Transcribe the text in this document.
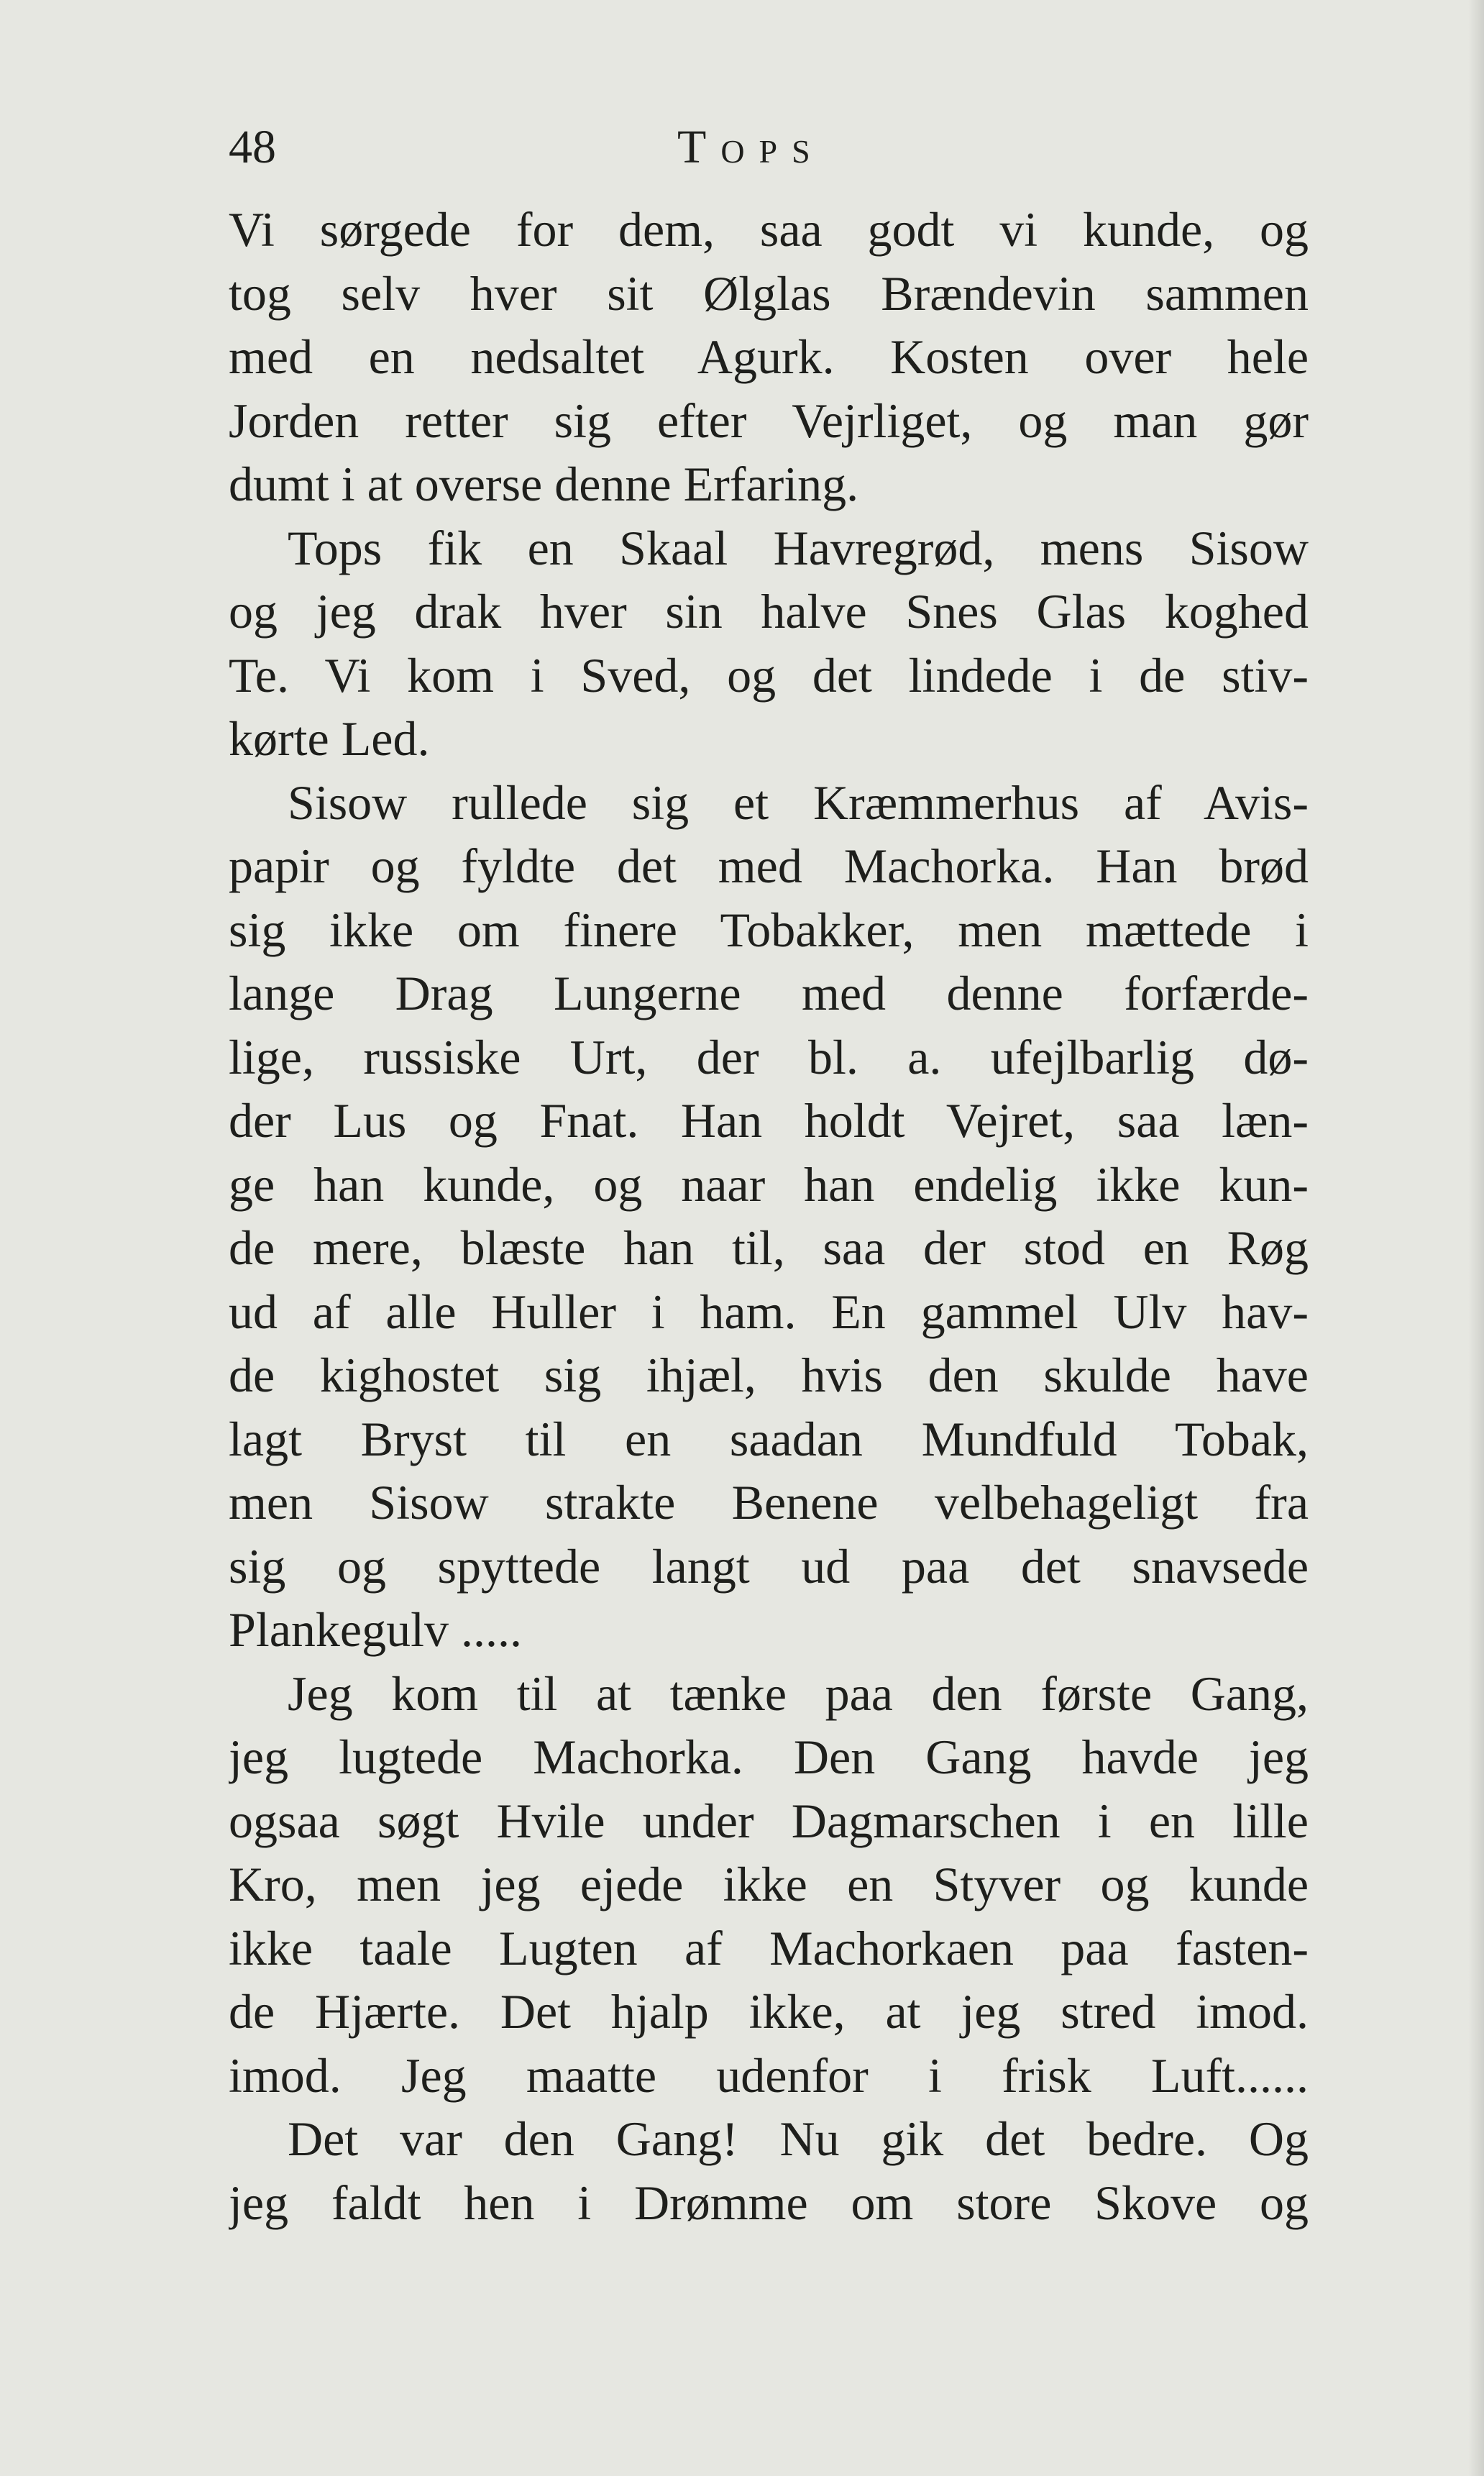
48	Tops
Vi sørgede for dem, saa godt vi kunde, og
tog selv hver sit Ølglas Brændevin sammen
med en nedsaltet Agurk. Kosten over hele
Jorden retter sig efter Vejrliget, og man gør
dumt i at overse denne Erfaring.
Tops fik en Skaal Havregrød, mens Sisow
og jeg drak hver sin halve Snes Glas koghed
Te. Vi kom i Sved, og det lindede i de stiv-
kørte Led.
Sisow rullede sig et Kræmmerhus af Avis-
papir og fyldte det med Machorka. Han brød
sig ikke om finere Tobakker, men mættede i
lange Drag Lungerne med denne forfærde-
lige, russiske Urt, der bl. a. ufejlbarlig dø-
der Lus og Fnat. Han holdt Vejret, saa læn-
ge han kunde, og naar han endelig ikke kun-
de mere, blæste han til, saa der stod en Røg
ud af alle Huller i ham. En gammel Ulv hav-
de kighostet sig ihjæl, hvis den skulde have
lagt Bryst til en saadan Mundfuld Tobak,
men Sisow strakte Benene velbehageligt fra
sig og spyttede langt ud paa det snavsede
Plankegulv .....
Jeg kom til at tænke paa den første Gang,
jeg lugtede Machorka. Den Gang havde jeg
ogsaa søgt Hvile under Dagmarschen i en lille
Kro, men jeg ejede ikke en Styver og kunde
ikke taale Lugten af Machorkaen paa fasten-
de Hjærte. Det hjalp ikke, at jeg stred imod.
imod. Jeg maatte udenfor i frisk Luft......
Det var den Gang! Nu gik det bedre. Og
jeg faldt hen i Drømme om store Skove og
